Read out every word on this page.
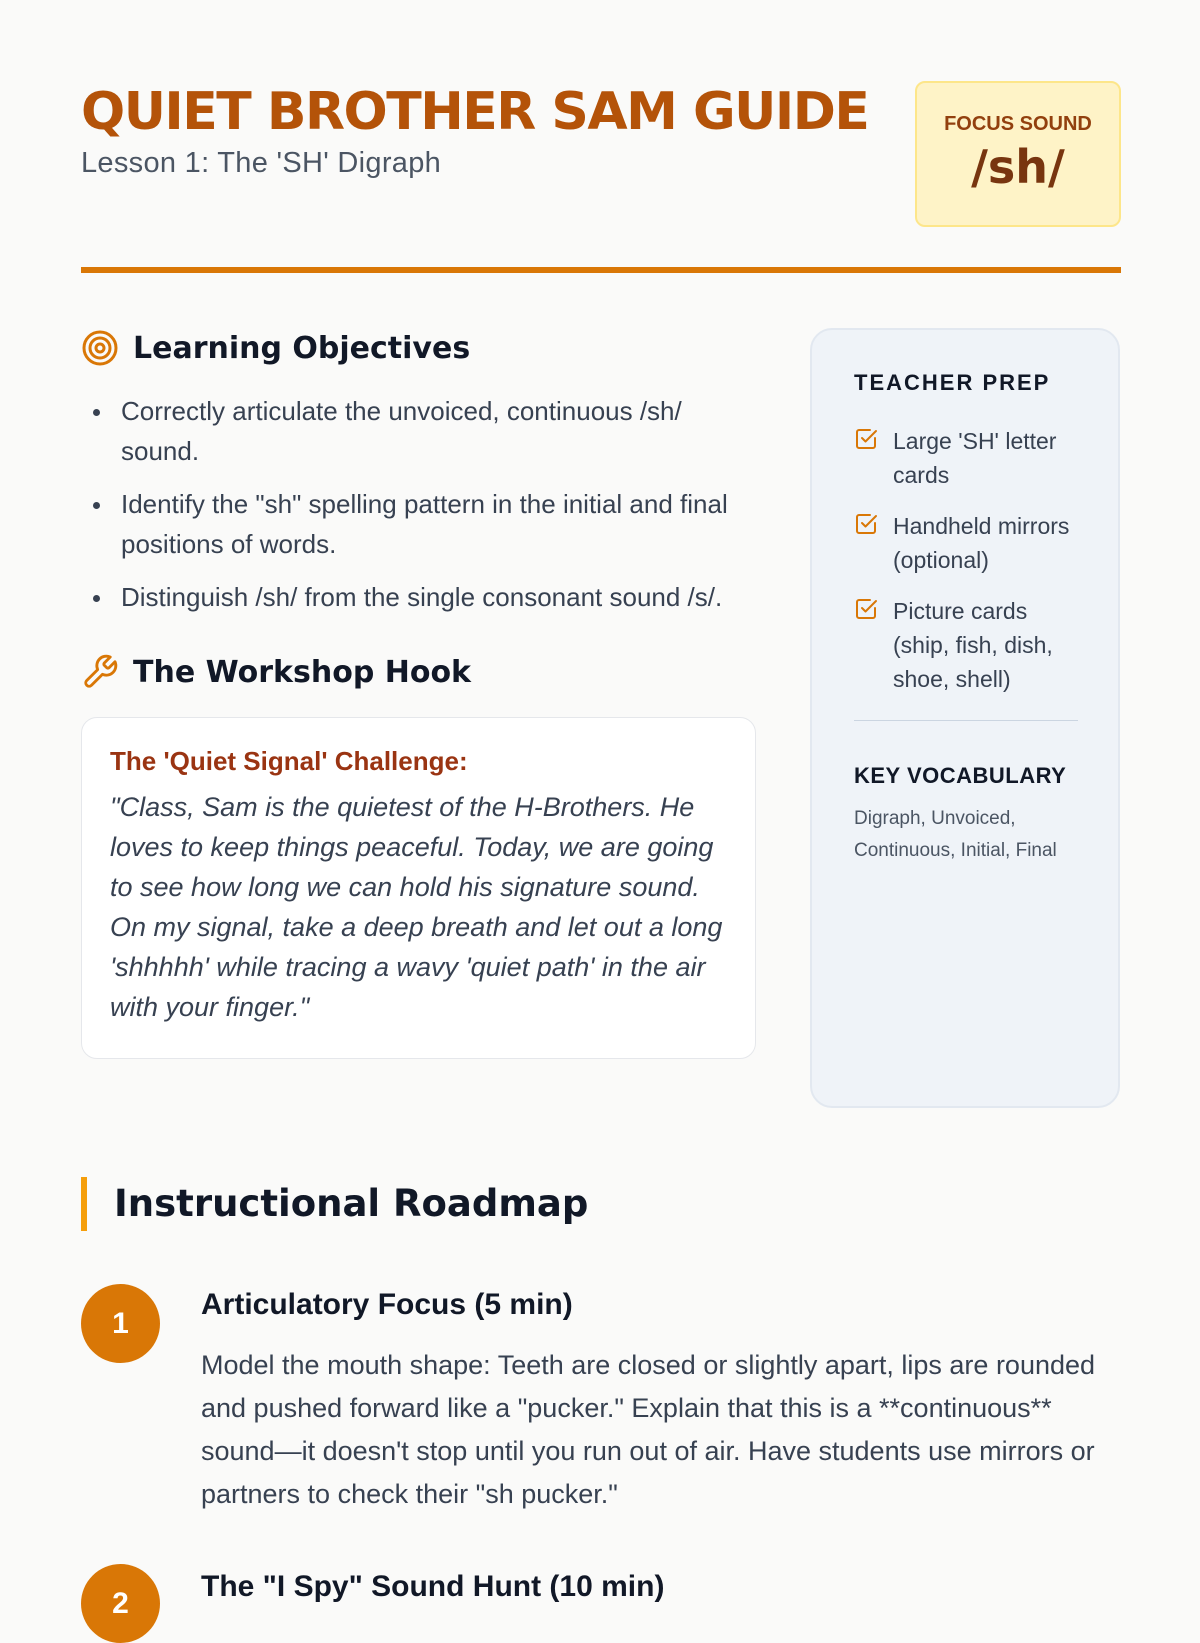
QUIET BROTHER SAM GUIDE
Lesson 1: The 'SH' Digraph
FOCUS SOUND
/sh/
Learning Objectives
Correctly articulate the unvoiced, continuous /sh/ sound.
Identify the "sh" spelling pattern in the initial and final positions of words.
Distinguish /sh/ from the single consonant sound /s/.
The Workshop Hook
The 'Quiet Signal' Challenge:
"Class, Sam is the quietest of the H-Brothers. He loves to keep things peaceful. Today, we are going to see how long we can hold his signature sound. On my signal, take a deep breath and let out a long 'shhhhh' while tracing a wavy 'quiet path' in the air with your finger."
TEACHER PREP
Large 'SH' letter cards
Handheld mirrors (optional)
Picture cards (ship, fish, dish, shoe, shell)
KEY VOCABULARY
Digraph, Unvoiced, Continuous, Initial, Final
Instructional Roadmap
1
Articulatory Focus (5 min)
Model the mouth shape: Teeth are closed or slightly apart, lips are rounded and pushed forward like a "pucker." Explain that this is a **continuous** sound—it doesn't stop until you run out of air. Have students use mirrors or partners to check their "sh pucker."
2	The "I Spy" Sound Hunt (10 min)
